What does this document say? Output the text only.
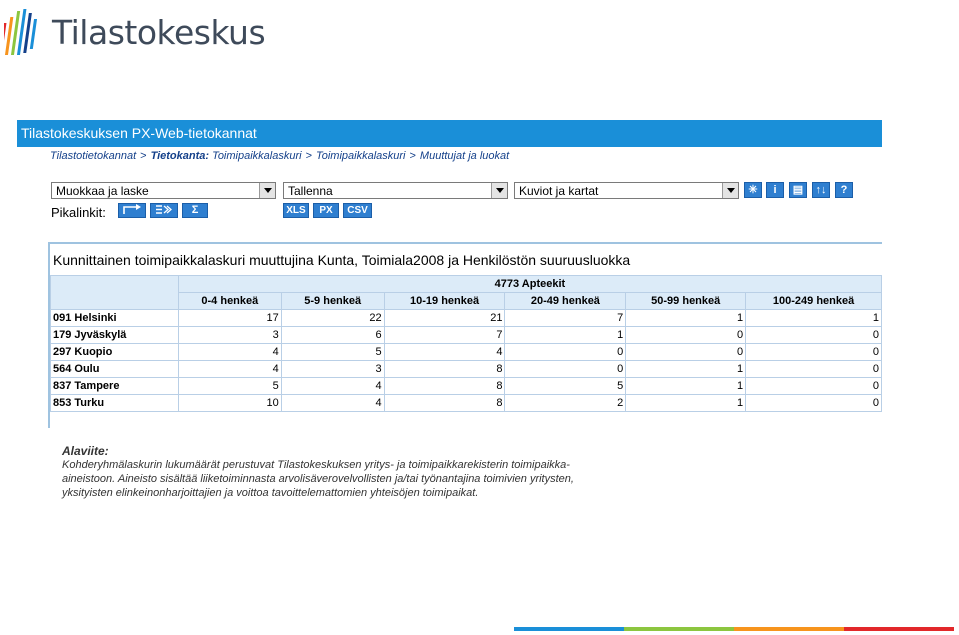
Tilastokeskus
Tilastokeskuksen PX-Web-tietokannat
Tilastotietokannat > Tietokanta: Toimipaikkalaskuri > Toimipaikkalaskuri > Muuttujat ja luokat
Muokkaa ja laske	Tallenna	Kuviot ja kartat	✳	i	▤	↑↓	?
Pikalinkit:	Σ	XLS	PX	CSV
Kunnittainen toimipaikkalaskuri muuttujina Kunta, Toimiala2008 ja Henkilöstön suuruusluokka
	4773 Apteekit					
	0-4 henkeä	5-9 henkeä	10-19 henkeä	20-49 henkeä	50-99 henkeä	100-249 henkeä
091 Helsinki	17	22	21	7	1	1
179 Jyväskylä	3	6	7	1	0	0
297 Kuopio	4	5	4	0	0	0
564 Oulu	4	3	8	0	1	0
837 Tampere	5	4	8	5	1	0
853 Turku	10	4	8	2	1	0
Alaviite:
Kohderyhmälaskurin lukumäärät perustuvat Tilastokeskuksen yritys- ja toimipaikkarekisterin toimipaikka-
aineistoon. Aineisto sisältää liiketoiminnasta arvolisäverovelvollisten ja/tai työnantajina toimivien yritysten,
yksityisten elinkeinonharjoittajien ja voittoa tavoittelemattomien yhteisöjen toimipaikat.
